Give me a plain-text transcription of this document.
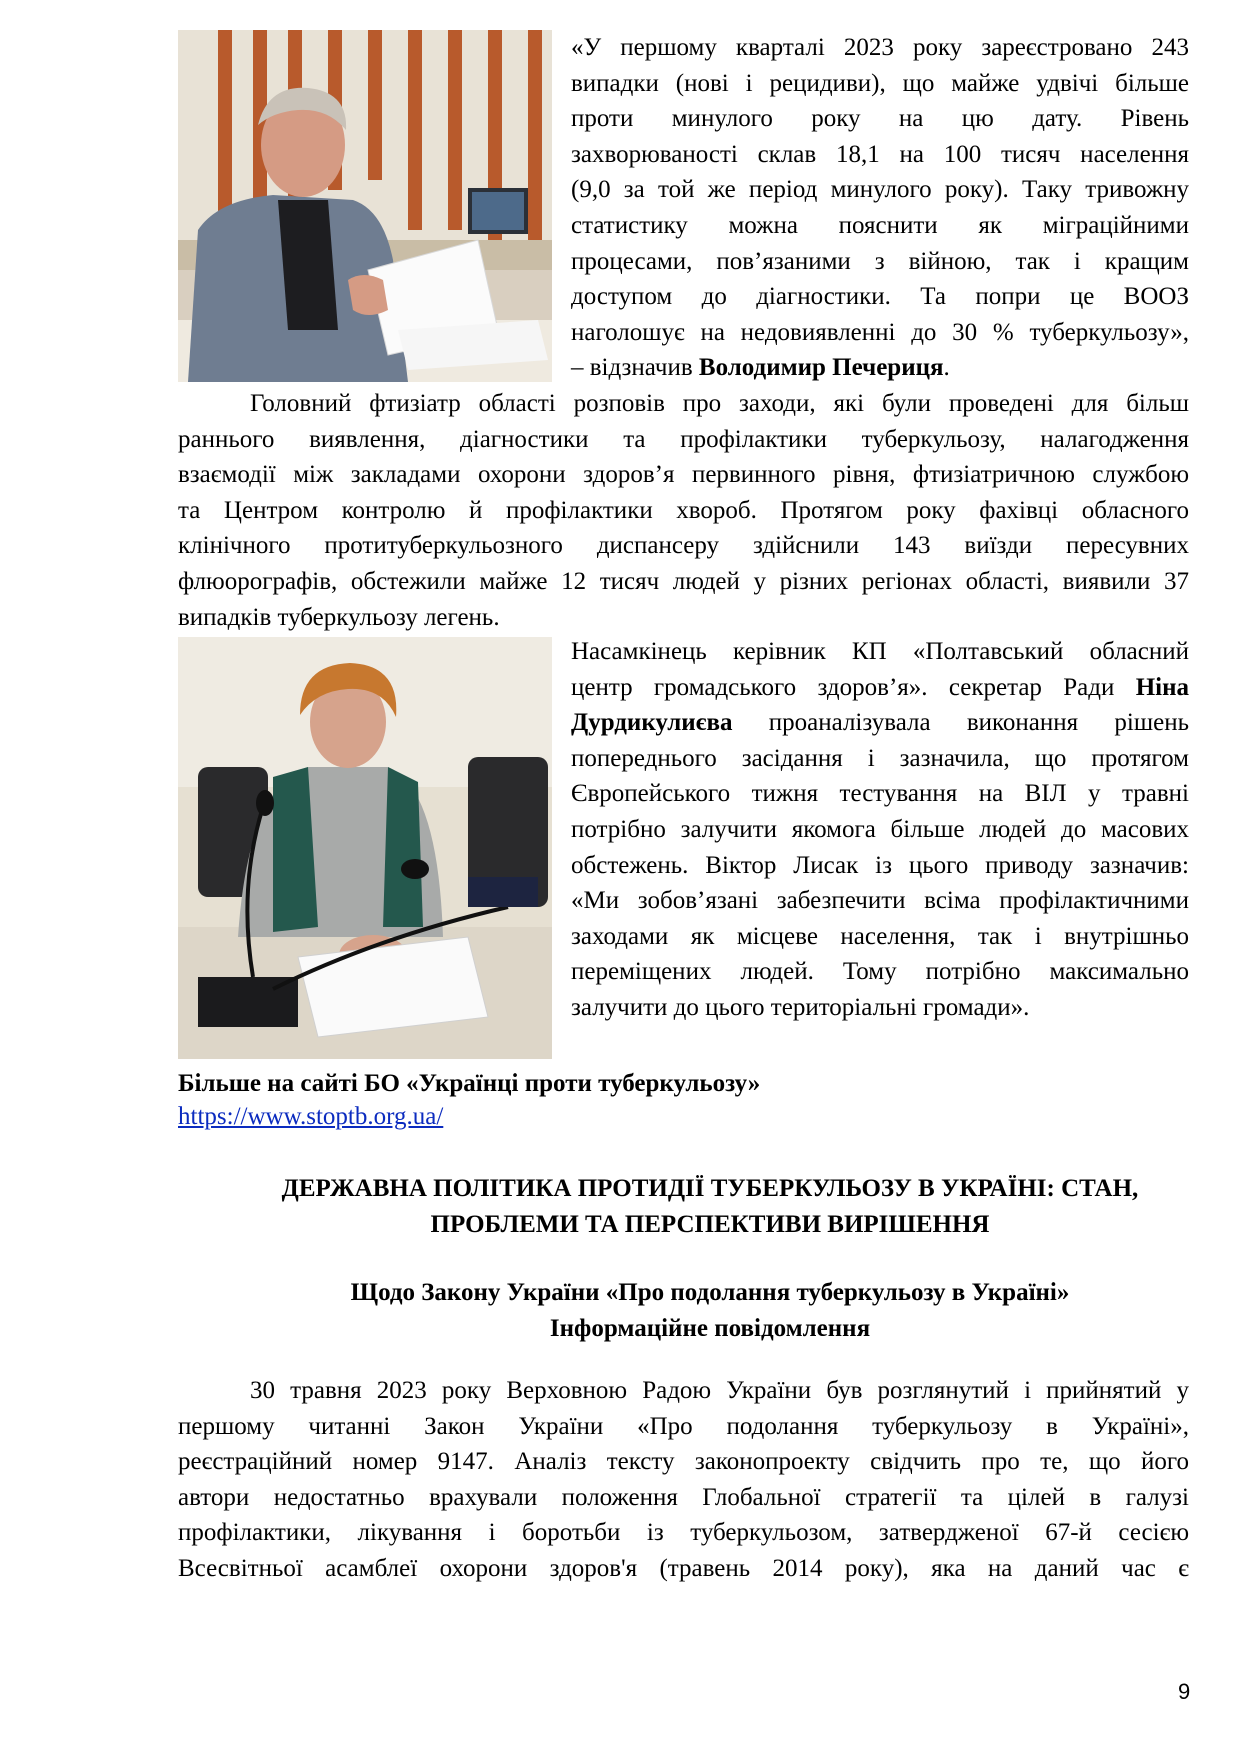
«У першому кварталі 2023 року зареєстровано 243
випадки (нові і рецидиви), що майже удвічі більше
проти минулого року на цю дату. Рівень
захворюваності склав 18,1 на 100 тисяч населення
(9,0 за той же період минулого року). Таку тривожну
статистику можна пояснити як міграційними
процесами, пов’язаними з війною, так і кращим
доступом до діагностики. Та попри це ВООЗ
наголошує на недовиявленні до 30 % туберкульозу»,
– відзначив Володимир Печериця.
Головний фтизіатр області розповів про заходи, які були проведені для більш
раннього виявлення, діагностики та профілактики туберкульозу, налагодження
взаємодії між закладами охорони здоров’я первинного рівня, фтизіатричною службою
та Центром контролю й профілактики хвороб. Протягом року фахівці обласного
клінічного протитуберкульозного диспансеру здійснили 143 виїзди пересувних
флюорографів, обстежили майже 12 тисяч людей у різних регіонах області, виявили 37
випадків туберкульозу легень.
Насамкінець керівник КП «Полтавський обласний
центр громадського здоров’я». секретар Ради Ніна
Дурдикулиєва проаналізувала виконання рішень
попереднього засідання і зазначила, що протягом
Європейського тижня тестування на ВІЛ у травні
потрібно залучити якомога більше людей до масових
обстежень. Віктор Лисак із цього приводу зазначив:
«Ми зобов’язані забезпечити всіма профілактичними
заходами як місцеве населення, так і внутрішньо
переміщених людей. Тому потрібно максимально
залучити до цього територіальні громади».
Більше на сайті БО «Українці проти туберкульозу»
https://www.stoptb.org.ua/
ДЕРЖАВНА ПОЛІТИКА ПРОТИДІЇ ТУБЕРКУЛЬОЗУ В УКРАЇНІ: СТАН,
ПРОБЛЕМИ ТА ПЕРСПЕКТИВИ ВИРІШЕННЯ
Щодо Закону України «Про подолання туберкульозу в Україні»
Інформаційне повідомлення
30 травня 2023 року Верховною Радою України був розглянутий і прийнятий у
першому читанні Закон України «Про подолання туберкульозу в Україні»,
реєстраційний номер 9147. Аналіз тексту законопроекту свідчить про те, що його
автори недостатньо врахували положення Глобальної стратегії та цілей в галузі
профілактики, лікування і боротьби із туберкульозом, затвердженої 67-й сесією
Всесвітньої асамблеї охорони здоров'я (травень 2014 року), яка на даний час є
9
